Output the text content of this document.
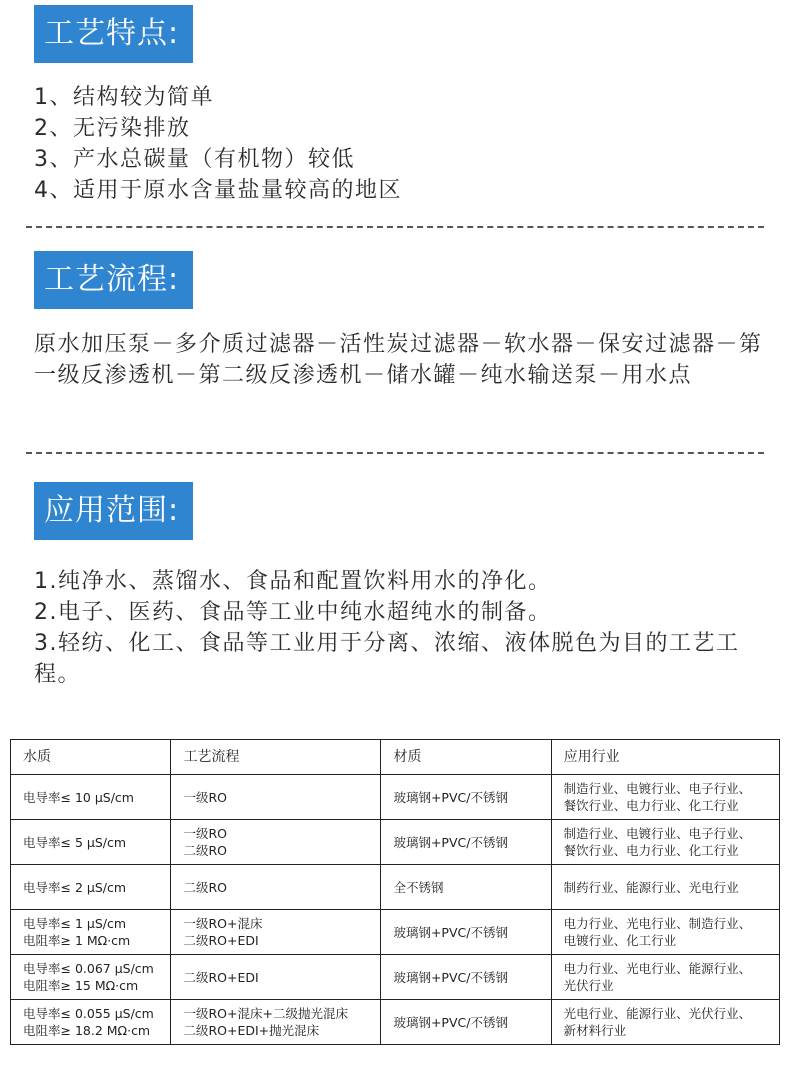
工艺特点:
1、结构较为简单
2、无污染排放
3、产水总碳量（有机物）较低
4、适用于原水含量盐量较高的地区
工艺流程:
原水加压泵－多介质过滤器－活性炭过滤器－软水器－保安过滤器－第一级反渗透机－第二级反渗透机－储水罐－纯水输送泵－用水点
应用范围:
1.纯净水、蒸馏水、食品和配置饮料用水的净化。
2.电子、医药、食品等工业中纯水超纯水的制备。
3.轻纺、化工、食品等工业用于分离、浓缩、液体脱色为目的工艺工程。
水质	工艺流程	材质	应用行业
电导率≤ 10 μS/cm	一级RO	玻璃钢+PVC/不锈钢	制造行业、电镀行业、电子行业、
餐饮行业、电力行业、化工行业
电导率≤ 5 μS/cm	一级RO
二级RO	玻璃钢+PVC/不锈钢	制造行业、电镀行业、电子行业、
餐饮行业、电力行业、化工行业
电导率≤ 2 μS/cm	二级RO	全不锈钢	制药行业、能源行业、光电行业
电导率≤ 1 μS/cm
电阻率≥ 1 MΩ·cm	一级RO+混床
二级RO+EDI	玻璃钢+PVC/不锈钢	电力行业、光电行业、制造行业、
电镀行业、化工行业
电导率≤ 0.067 μS/cm
电阻率≥ 15 MΩ·cm	二级RO+EDI	玻璃钢+PVC/不锈钢	电力行业、光电行业、能源行业、
光伏行业
电导率≤ 0.055 μS/cm
电阻率≥ 18.2 MΩ·cm	一级RO+混床+二级抛光混床
二级RO+EDI+抛光混床	玻璃钢+PVC/不锈钢	光电行业、能源行业、光伏行业、
新材料行业
